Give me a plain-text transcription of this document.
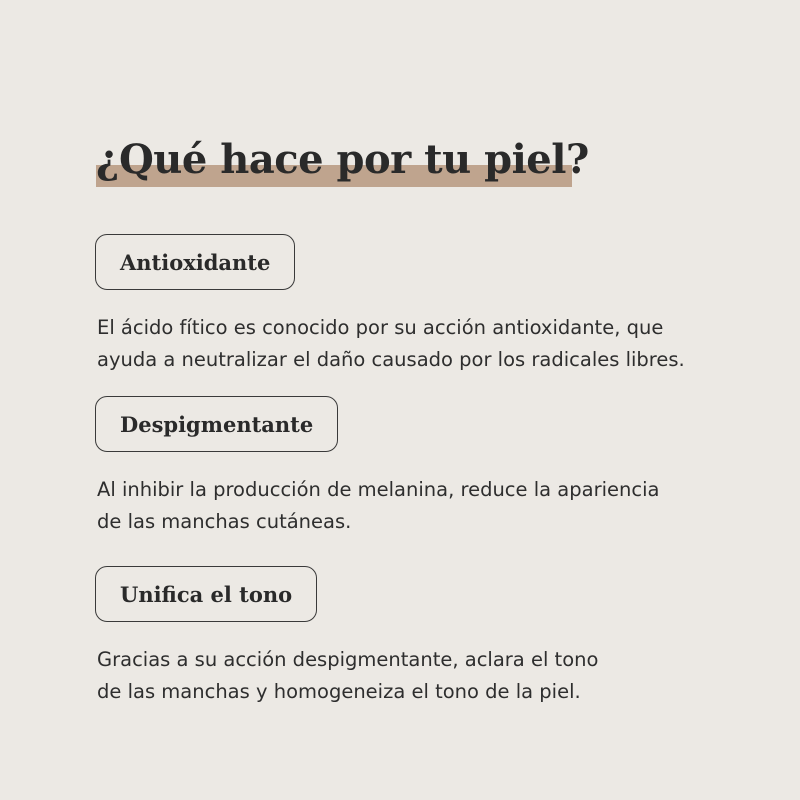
¿Qué hace por tu piel?
Antioxidante

El ácido fítico es conocido por su acción antioxidante, que
ayuda a neutralizar el daño causado por los radicales libres.

Despigmentante

Al inhibir la producción de melanina, reduce la apariencia
de las manchas cutáneas.

Unifica el tono

Gracias a su acción despigmentante, aclara el tono
de las manchas y homogeneiza el tono de la piel.
